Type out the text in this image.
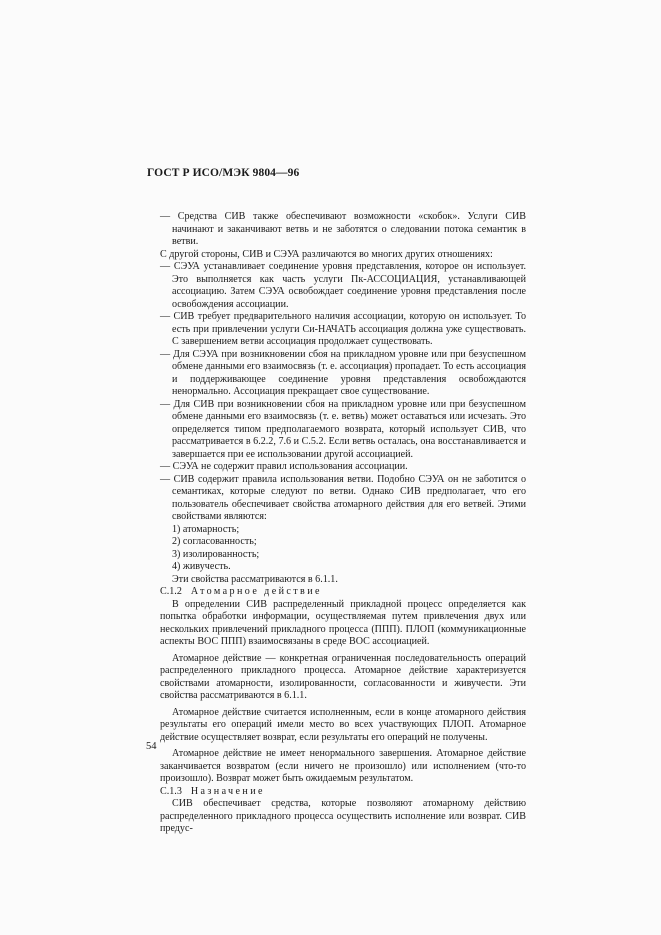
ГОСТ Р ИСО/МЭК 9804—96

— Средства СИВ также обеспечивают возможности «скобок». Услуги СИВ начинают и заканчивают ветвь и не заботятся о следовании потока семантик в ветви.

С другой стороны, СИВ и СЭУА различаются во многих других отношениях:

— СЭУА устанавливает соединение уровня представления, которое он использует. Это выполняется как часть услуги Пк-АССОЦИАЦИЯ, устанавливающей ассоциацию. Затем СЭУА освобождает соединение уровня представления после освобождения ассоциации.

— СИВ требует предварительного наличия ассоциации, которую он использует. То есть при привлечении услуги Си-НАЧАТЬ ассоциация должна уже существовать. С завершением ветви ассоциация продолжает существовать.

— Для СЭУА при возникновении сбоя на прикладном уровне или при безуспешном обмене данными его взаимосвязь (т. е. ассоциация) пропадает. То есть ассоциация и поддерживающее соединение уровня представления освобождаются ненормально. Ассоциация прекращает свое существование.

— Для СИВ при возникновении сбоя на прикладном уровне или при безуспешном обмене данными его взаимосвязь (т. е. ветвь) может оставаться или исчезать. Это определяется типом предполагаемого возврата, который использует СИВ, что рассматривается в 6.2.2, 7.6 и С.5.2. Если ветвь осталась, она восстанавливается и завершается при ее использовании другой ассоциацией.

— СЭУА не содержит правил использования ассоциации.

— СИВ содержит правила использования ветви. Подобно СЭУА он не заботится о семантиках, которые следуют по ветви. Однако СИВ предполагает, что его пользователь обеспечивает свойства атомарного действия для его ветвей. Этими свойствами являются:

1) атомарность;

2) согласованность;

3) изолированность;

4) живучесть.

Эти свойства рассматриваются в 6.1.1.

С.1.2 Атомарное действие

В определении СИВ распределенный прикладной процесс определяется как попытка обработки информации, осуществляемая путем привлечения двух или нескольких привлечений прикладного процесса (ППП). ПЛОП (коммуникационные аспекты ВОС ППП) взаимосвязаны в среде ВОС ассоциацией.

Атомарное действие — конкретная ограниченная последовательность операций распределенного прикладного процесса. Атомарное действие характеризуется свойствами атомарности, изолированности, согласованности и живучести. Эти свойства рассматриваются в 6.1.1.

Атомарное действие считается исполненным, если в конце атомарного действия результаты его операций имели место во всех участвующих ПЛОП. Атомарное действие осуществляет возврат, если результаты его операций не получены.

Атомарное действие не имеет ненормального завершения. Атомарное действие заканчивается возвратом (если ничего не произошло) или исполнением (что-то произошло). Возврат может быть ожидаемым результатом.

С.1.3 Назначение

СИВ обеспечивает средства, которые позволяют атомарному действию распределенного прикладного процесса осуществить исполнение или возврат. СИВ предус-

54
